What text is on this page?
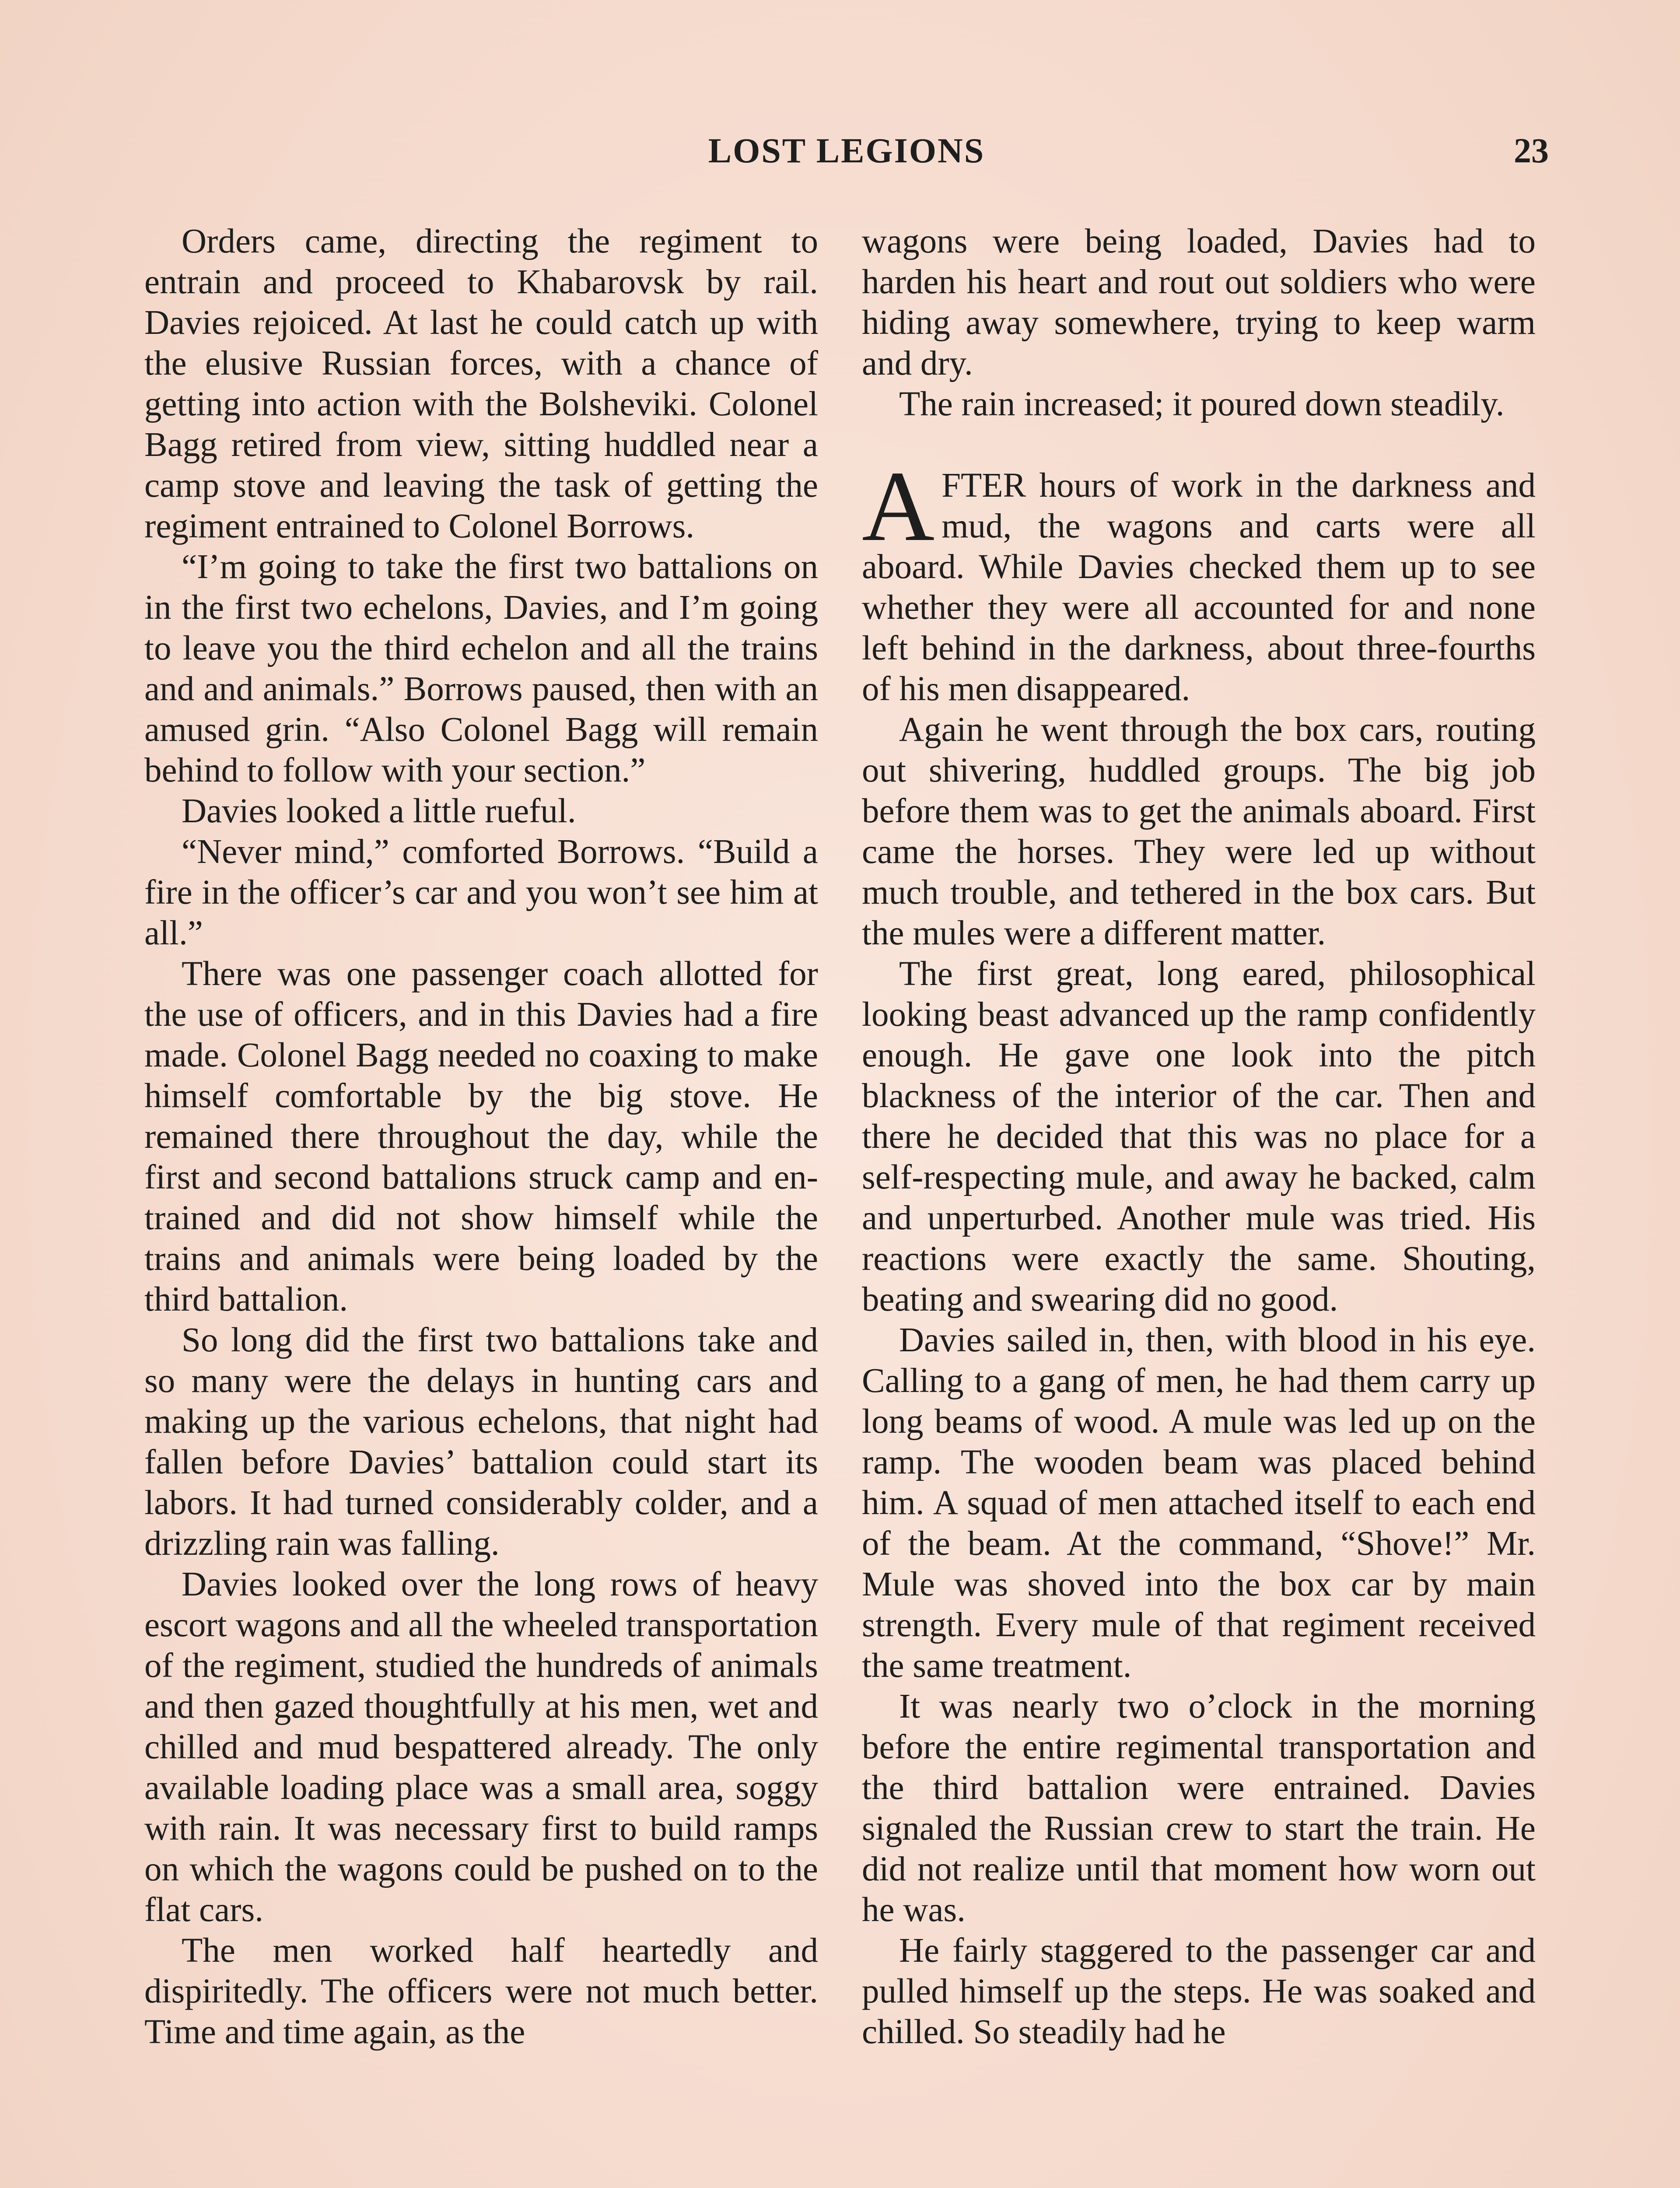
LOST LEGIONS	23

Orders came, directing the regiment to entrain and proceed to Khabarovsk by rail. Davies rejoiced. At last he could catch up with the elusive Russian forces, with a chance of getting into action with the Bolsheviki. Colonel Bagg retired from view, sitting huddled near a camp stove and leaving the task of getting the regiment entrained to Colonel Borrows.

“I’m going to take the first two battalions on in the first two echelons, Davies, and I’m going to leave you the third echelon and all the trains and and animals.” Borrows paused, then with an amused grin. “Also Colonel Bagg will remain behind to follow with your section.”

Davies looked a little rueful.

“Never mind,” comforted Borrows. “Build a fire in the officer’s car and you won’t see him at all.”

There was one passenger coach allotted for the use of officers, and in this Davies had a fire made. Colonel Bagg needed no coaxing to make himself comfortable by the big stove. He remained there throughout the day, while the first and second battalions struck camp and entrained and did not show himself while the trains and animals were being loaded by the third battalion.

So long did the first two battalions take and so many were the delays in hunting cars and making up the various echelons, that night had fallen before Davies’ battalion could start its labors. It had turned considerably colder, and a drizzling rain was falling.

Davies looked over the long rows of heavy escort wagons and all the wheeled transportation of the regiment, studied the hundreds of animals and then gazed thoughtfully at his men, wet and chilled and mud bespattered already. The only available loading place was a small area, soggy with rain. It was necessary first to build ramps on which the wagons could be pushed on to the flat cars.

The men worked half heartedly and dispiritedly. The officers were not much better. Time and time again, as the

wagons were being loaded, Davies had to harden his heart and rout out soldiers who were hiding away somewhere, trying to keep warm and dry.

The rain increased; it poured down steadily.

AFTER hours of work in the darkness and mud, the wagons and carts were all aboard. While Davies checked them up to see whether they were all accounted for and none left behind in the darkness, about three-fourths of his men disappeared.

Again he went through the box cars, routing out shivering, huddled groups. The big job before them was to get the animals aboard. First came the horses. They were led up without much trouble, and tethered in the box cars. But the mules were a different matter.

The first great, long eared, philosophical looking beast advanced up the ramp confidently enough. He gave one look into the pitch blackness of the interior of the car. Then and there he decided that this was no place for a self-respecting mule, and away he backed, calm and unperturbed. Another mule was tried. His reactions were exactly the same. Shouting, beating and swearing did no good.

Davies sailed in, then, with blood in his eye. Calling to a gang of men, he had them carry up long beams of wood. A mule was led up on the ramp. The wooden beam was placed behind him. A squad of men attached itself to each end of the beam. At the command, “Shove!” Mr. Mule was shoved into the box car by main strength. Every mule of that regiment received the same treatment.

It was nearly two o’clock in the morning before the entire regimental transportation and the third battalion were entrained. Davies signaled the Russian crew to start the train. He did not realize until that moment how worn out he was.

He fairly staggered to the passenger car and pulled himself up the steps. He was soaked and chilled. So steadily had he
